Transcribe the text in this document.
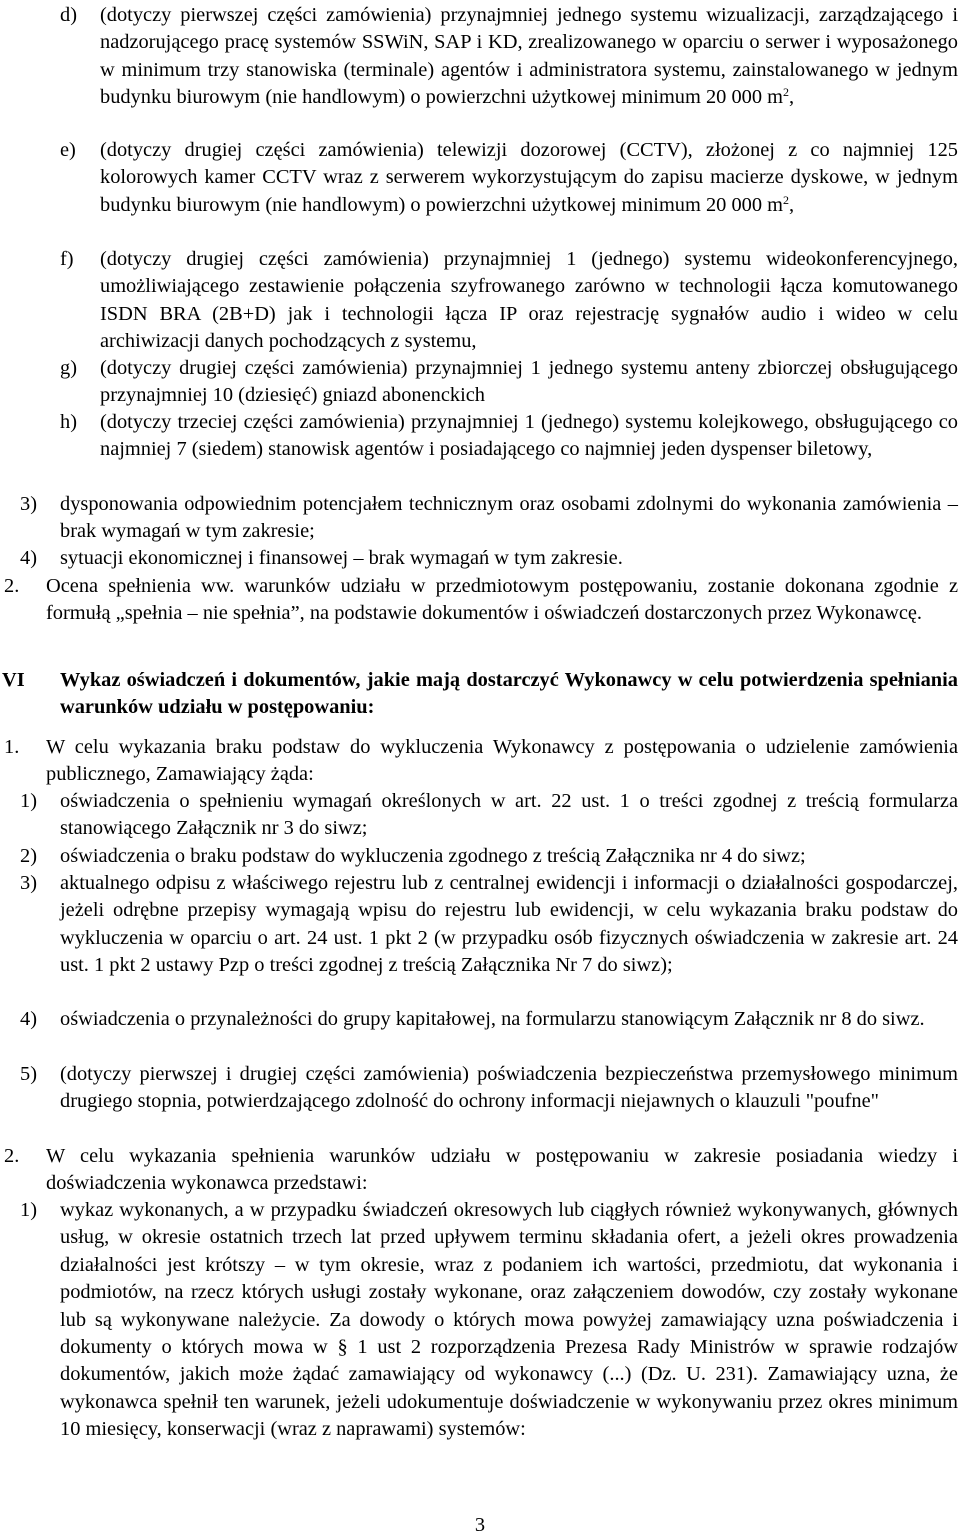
d) (dotyczy pierwszej części zamówienia) przynajmniej jednego systemu wizualizacji, zarządzającego i nadzorującego pracę systemów SSWiN, SAP i KD, zrealizowanego w oparciu o serwer i wyposażonego w minimum trzy stanowiska (terminale) agentów i administratora systemu, zainstalowanego w jednym budynku biurowym (nie handlowym) o powierzchni użytkowej minimum 20 000 $m^2$,
e) (dotyczy drugiej części zamówienia) telewizji dozorowej (CCTV), złożonej z co najmniej 125 kolorowych kamer CCTV wraz z serwerem wykorzystującym do zapisu macierze dyskowe, w jednym budynku biurowym (nie handlowym) o powierzchni użytkowej minimum 20 000 $m^2$,
f) (dotyczy drugiej części zamówienia) przynajmniej 1 (jednego) systemu wideokonferencyjnego, umożliwiającego zestawienie połączenia szyfrowanego zarówno w technologii łącza komutowanego ISDN BRA (2B+D) jak i technologii łącza IP oraz rejestrację sygnałów audio i wideo w celu archiwizacji danych pochodzących z systemu,
g) (dotyczy drugiej części zamówienia) przynajmniej 1 jednego systemu anteny zbiorczej obsługującego przynajmniej 10 (dziesięć) gniazd abonenckich
h) (dotyczy trzeciej części zamówienia) przynajmniej 1 (jednego) systemu kolejkowego, obsługującego co najmniej 7 (siedem) stanowisk agentów i posiadającego co najmniej jeden dyspenser biletowy,
3) dysponowania odpowiednim potencjałem technicznym oraz osobami zdolnymi do wykonania zamówienia – brak wymagań w tym zakresie;
4) sytuacji ekonomicznej i finansowej – brak wymagań w tym zakresie.
2. Ocena spełnienia ww. warunków udziału w przedmiotowym postępowaniu, zostanie dokonana zgodnie z formułą „spełnia – nie spełnia”, na podstawie dokumentów i oświadczeń dostarczonych przez Wykonawcę.
VI Wykaz oświadczeń i dokumentów, jakie mają dostarczyć Wykonawcy w celu potwierdzenia spełniania warunków udziału w postępowaniu:
1. W celu wykazania braku podstaw do wykluczenia Wykonawcy z postępowania o udzielenie zamówienia publicznego, Zamawiający żąda:
1) oświadczenia o spełnieniu wymagań określonych w art. 22 ust. 1 o treści zgodnej z treścią formularza stanowiącego Załącznik nr 3 do siwz;
2) oświadczenia o braku podstaw do wykluczenia zgodnego z treścią Załącznika nr 4 do siwz;
3) aktualnego odpisu z właściwego rejestru lub z centralnej ewidencji i informacji o działalności gospodarczej, jeżeli odrębne przepisy wymagają wpisu do rejestru lub ewidencji, w celu wykazania braku podstaw do wykluczenia w oparciu o art. 24 ust. 1 pkt 2 (w przypadku osób fizycznych oświadczenia w zakresie art. 24 ust. 1 pkt 2 ustawy Pzp o treści zgodnej z treścią Załącznika Nr 7 do siwz);
4) oświadczenia o przynależności do grupy kapitałowej, na formularzu stanowiącym Załącznik nr 8 do siwz.
5) (dotyczy pierwszej i drugiej części zamówienia) poświadczenia bezpieczeństwa przemysłowego minimum drugiego stopnia, potwierdzającego zdolność do ochrony informacji niejawnych o klauzuli "poufne"
2. W celu wykazania spełnienia warunków udziału w postępowaniu w zakresie posiadania wiedzy i doświadczenia wykonawca przedstawi:
1) wykaz wykonanych, a w przypadku świadczeń okresowych lub ciągłych również wykonywanych, głównych usług, w okresie ostatnich trzech lat przed upływem terminu składania ofert, a jeżeli okres prowadzenia działalności jest krótszy – w tym okresie, wraz z podaniem ich wartości, przedmiotu, dat wykonania i podmiotów, na rzecz których usługi zostały wykonane, oraz załączeniem dowodów, czy zostały wykonane lub są wykonywane należycie. Za dowody o których mowa powyżej zamawiający uzna poświadczenia i dokumenty o których mowa w § 1 ust 2 rozporządzenia Prezesa Rady Ministrów w sprawie rodzajów dokumentów, jakich może żądać zamawiający od wykonawcy (...) (Dz. U. 231). Zamawiający uzna, że wykonawca spełnił ten warunek, jeżeli udokumentuje doświadczenie w wykonywaniu przez okres minimum 10 miesięcy, konserwacji (wraz z naprawami) systemów:
3
